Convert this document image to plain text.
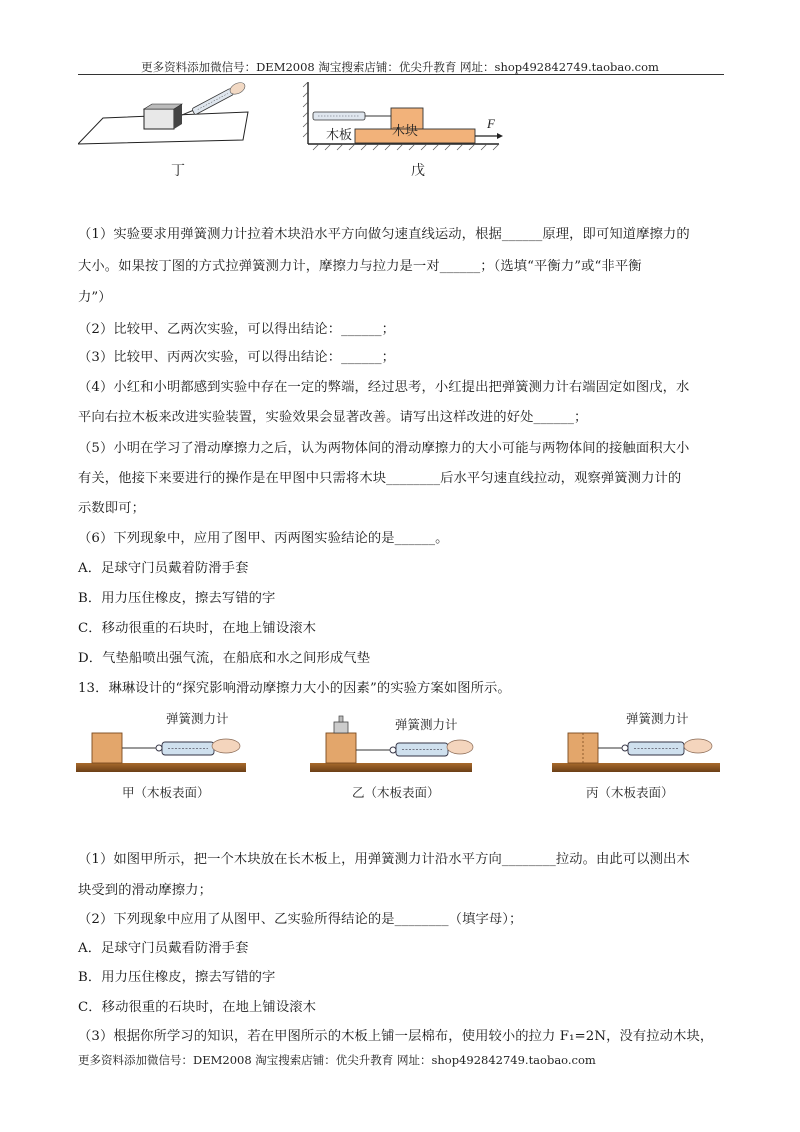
更多资料添加微信号：DEM2008 淘宝搜索店铺：优尖升教育 网址：shop492842749.taobao.com
木块
木板
F
丁	戊
（1）实验要求用弹簧测力计拉着木块沿水平方向做匀速直线运动，根据______原理，即可知道摩擦力的
大小。如果按丁图的方式拉弹簧测力计，摩擦力与拉力是一对______；（选填“平衡力”或“非平衡
力”）
（2）比较甲、乙两次实验，可以得出结论：______；
（3）比较甲、丙两次实验，可以得出结论：______；
（4）小红和小明都感到实验中存在一定的弊端，经过思考，小红提出把弹簧测力计右端固定如图戊，水
平向右拉木板来改进实验装置，实验效果会显著改善。请写出这样改进的好处______；
（5）小明在学习了滑动摩擦力之后，认为两物体间的滑动摩擦力的大小可能与两物体间的接触面积大小
有关，他接下来要进行的操作是在甲图中只需将木块________后水平匀速直线拉动，观察弹簧测力计的
示数即可；
（6）下列现象中，应用了图甲、丙两图实验结论的是______。
A．足球守门员戴着防滑手套
B．用力压住橡皮，擦去写错的字
C．移动很重的石块时，在地上铺设滚木
D．气垫船喷出强气流，在船底和水之间形成气垫
13．琳琳设计的“探究影响滑动摩擦力大小的因素”的实验方案如图所示。
弹簧测力计	弹簧测力计	弹簧测力计
甲（木板表面）	乙（木板表面）	丙（木板表面）
（1）如图甲所示，把一个木块放在长木板上，用弹簧测力计沿水平方向________拉动。由此可以测出木
块受到的滑动摩擦力；
（2）下列现象中应用了从图甲、乙实验所得结论的是________（填字母）；
A．足球守门员戴看防滑手套
B．用力压住橡皮，擦去写错的字
C．移动很重的石块时，在地上铺设滚木
（3）根据你所学习的知识，若在甲图所示的木板上铺一层棉布，使用较小的拉力 F₁=2N，没有拉动木块，
更多资料添加微信号：DEM2008 淘宝搜索店铺：优尖升教育 网址：shop492842749.taobao.com
